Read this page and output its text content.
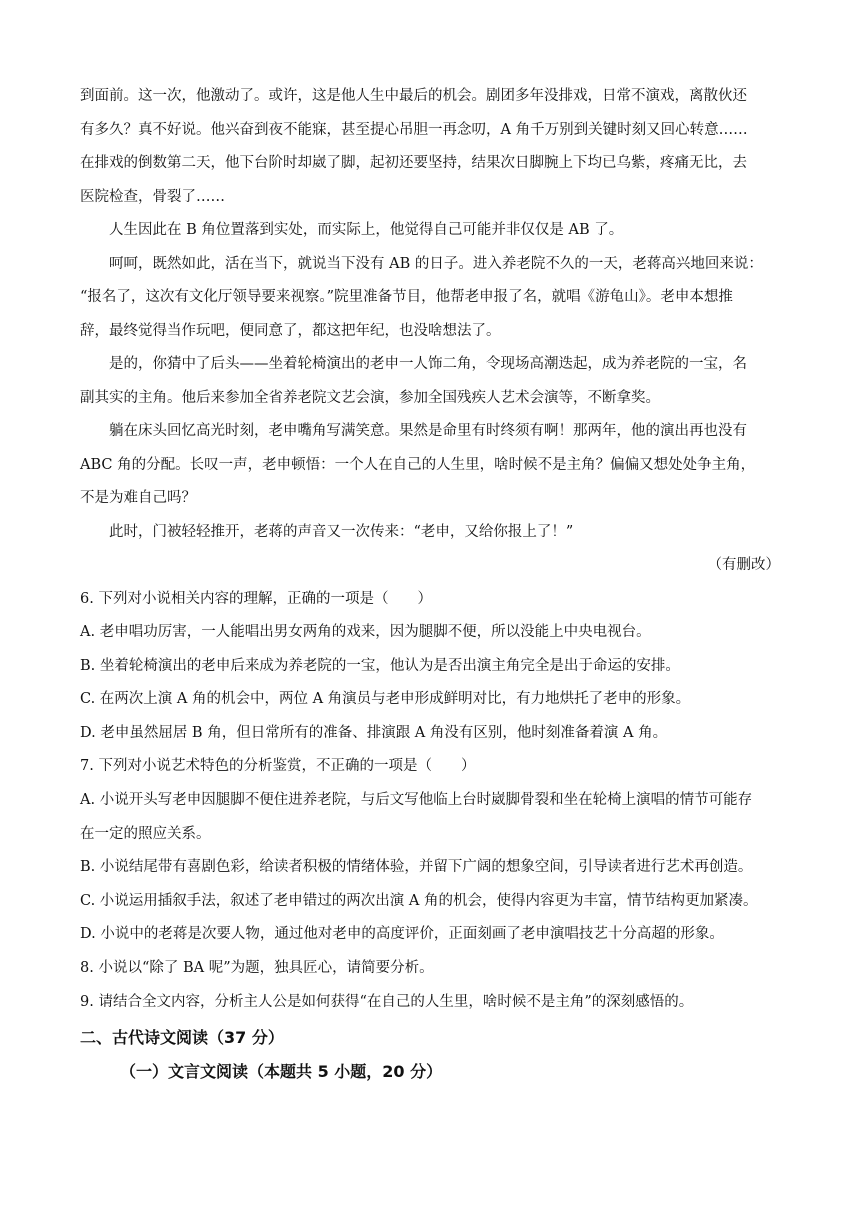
到面前。这一次，他激动了。或许，这是他人生中最后的机会。剧团多年没排戏，日常不演戏，离散伙还
有多久？真不好说。他兴奋到夜不能寐，甚至提心吊胆一再念叨，A 角千万别到关键时刻又回心转意……
在排戏的倒数第二天，他下台阶时却崴了脚，起初还要坚持，结果次日脚腕上下均已乌紫，疼痛无比，去
医院检查，骨裂了……
人生因此在 B 角位置落到实处，而实际上，他觉得自己可能并非仅仅是 AB 了。
呵呵，既然如此，活在当下，就说当下没有 AB 的日子。进入养老院不久的一天，老蒋高兴地回来说：
“报名了，这次有文化厅领导要来视察。”院里准备节目，他帮老申报了名，就唱《游龟山》。老申本想推
辞，最终觉得当作玩吧，便同意了，都这把年纪，也没啥想法了。
是的，你猜中了后头——坐着轮椅演出的老申一人饰二角，令现场高潮迭起，成为养老院的一宝，名
副其实的主角。他后来参加全省养老院文艺会演，参加全国残疾人艺术会演等，不断拿奖。
躺在床头回忆高光时刻，老申嘴角写满笑意。果然是命里有时终须有啊！那两年，他的演出再也没有
ABC 角的分配。长叹一声，老申顿悟：一个人在自己的人生里，啥时候不是主角？偏偏又想处处争主角，
不是为难自己吗？
此时，门被轻轻推开，老蒋的声音又一次传来：“老申，又给你报上了！”
（有删改）
6. 下列对小说相关内容的理解，正确的一项是（　　）
A. 老申唱功厉害，一人能唱出男女两角的戏来，因为腿脚不便，所以没能上中央电视台。
B. 坐着轮椅演出的老申后来成为养老院的一宝，他认为是否出演主角完全是出于命运的安排。
C. 在两次上演 A 角的机会中，两位 A 角演员与老申形成鲜明对比，有力地烘托了老申的形象。
D. 老申虽然屈居 B 角，但日常所有的准备、排演跟 A 角没有区别，他时刻准备着演 A 角。
7. 下列对小说艺术特色的分析鉴赏，不正确的一项是（　　）
A. 小说开头写老申因腿脚不便住进养老院，与后文写他临上台时崴脚骨裂和坐在轮椅上演唱的情节可能存
在一定的照应关系。
B. 小说结尾带有喜剧色彩，给读者积极的情绪体验，并留下广阔的想象空间，引导读者进行艺术再创造。
C. 小说运用插叙手法，叙述了老申错过的两次出演 A 角的机会，使得内容更为丰富，情节结构更加紧凑。
D. 小说中的老蒋是次要人物，通过他对老申的高度评价，正面刻画了老申演唱技艺十分高超的形象。
8. 小说以“除了 BA 呢”为题，独具匠心，请简要分析。
9. 请结合全文内容，分析主人公是如何获得“在自己的人生里，啥时候不是主角”的深刻感悟的。
二、古代诗文阅读（37 分）
（一）文言文阅读（本题共 5 小题，20 分）
